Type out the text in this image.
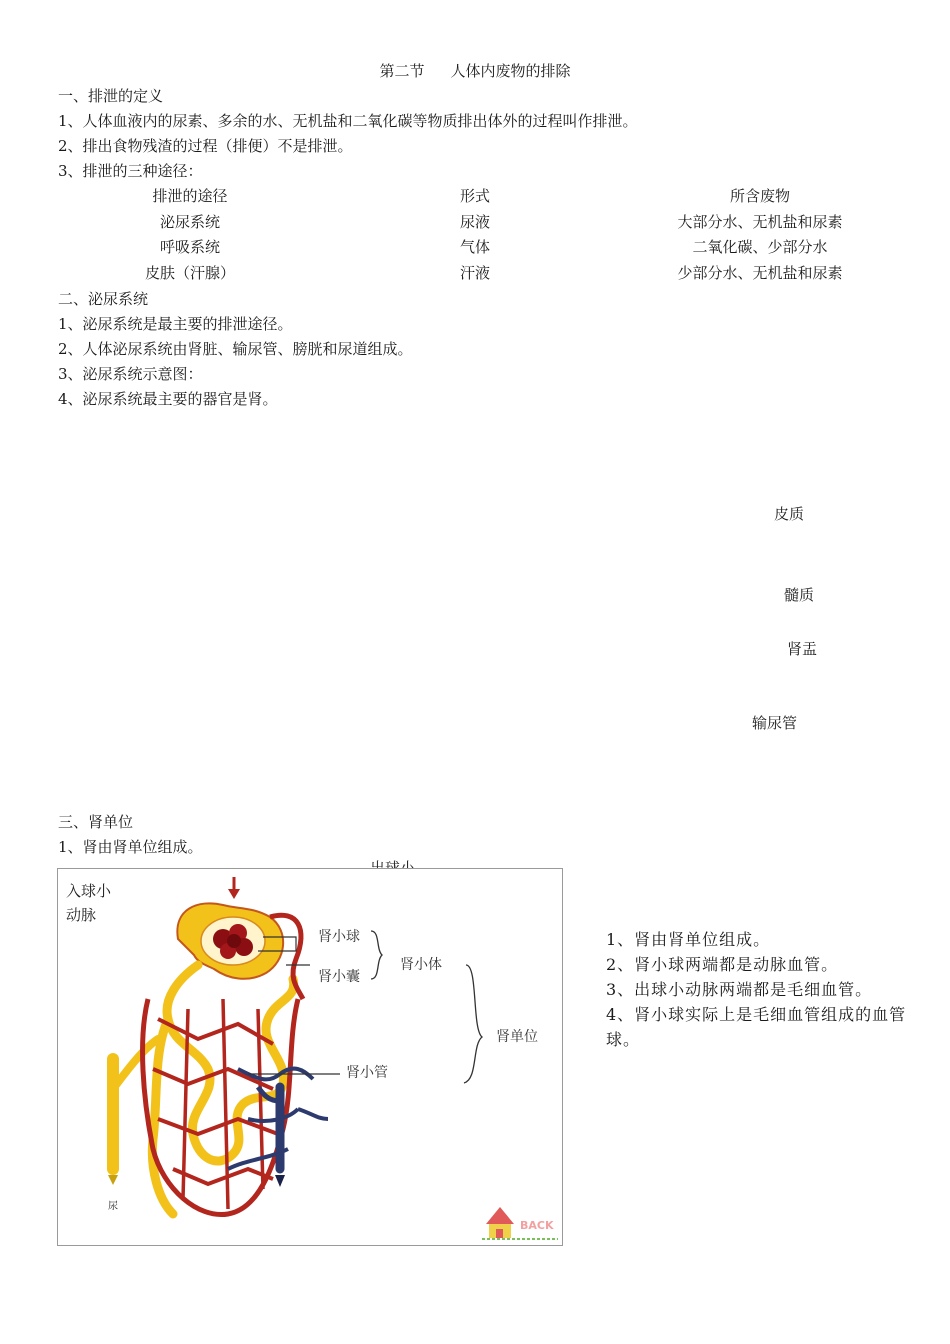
第二节 人体内废物的排除
一、排泄的定义
1、人体血液内的尿素、多余的水、无机盐和二氧化碳等物质排出体外的过程叫作排泄。
2、排出食物残渣的过程（排便）不是排泄。
3、排泄的三种途径：
排泄的途径	形式	所含废物
泌尿系统	尿液	大部分水、无机盐和尿素
呼吸系统	气体	二氧化碳、少部分水
皮肤（汗腺）	汗液	少部分水、无机盐和尿素
二、泌尿系统
1、泌尿系统是最主要的排泄途径。
2、人体泌尿系统由肾脏、输尿管、膀胱和尿道组成。
3、泌尿系统示意图：
4、泌尿系统最主要的器官是肾。
皮质
髓质
肾盂
输尿管
三、肾单位
1、肾由肾单位组成。
入球小
动脉
肾小球
肾小囊
肾小体
肾单位
肾小管
尿
BACK
1、肾由肾单位组成。
2、肾小球两端都是动脉血管。
3、出球小动脉两端都是毛细血管。
4、肾小球实际上是毛细血管组成的血管球。
